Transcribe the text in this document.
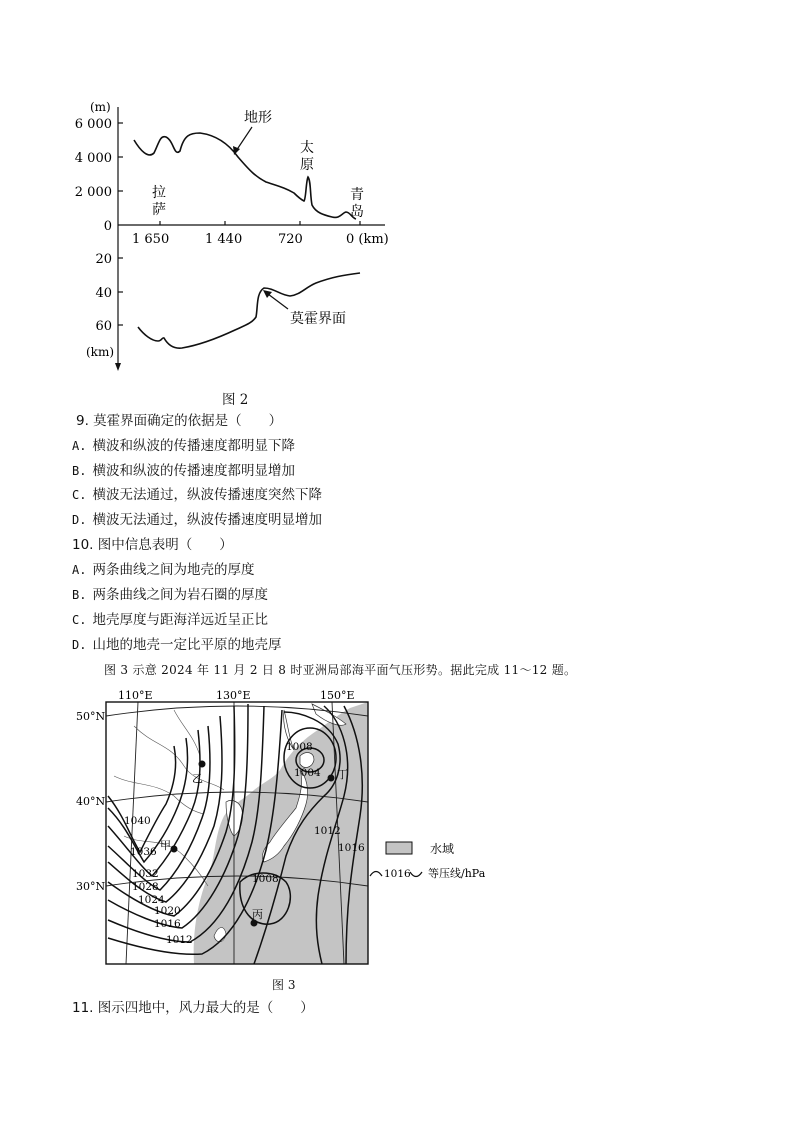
(m)
6 000
4 000
2 000
0
1 650	1 440	720	0 (km)
20
40
60
(km)
地形
拉
萨
太
原
青
岛
莫霍界面
图 2
9. 莫霍界面确定的依据是（　　）
A. 横波和纵波的传播速度都明显下降
B. 横波和纵波的传播速度都明显增加
C. 横波无法通过，纵波传播速度突然下降
D. 横波无法通过，纵波传播速度明显增加
10. 图中信息表明（　　）
A. 两条曲线之间为地壳的厚度
B. 两条曲线之间为岩石圈的厚度
C. 地壳厚度与距海洋远近呈正比
D. 山地的地壳一定比平原的地壳厚
图 3 示意 2024 年 11 月 2 日 8 时亚洲局部海平面气压形势。据此完成 11～12 题。
110°E	130°E	150°E
50°N
40°N
30°N
1040
1036
1032
1028
1024
1020
1016
1012
1008
1004
1008
1012
1016
乙
甲
丙
丁
水域
1016 等压线/hPa
图 3
11. 图示四地中，风力最大的是（　　）
